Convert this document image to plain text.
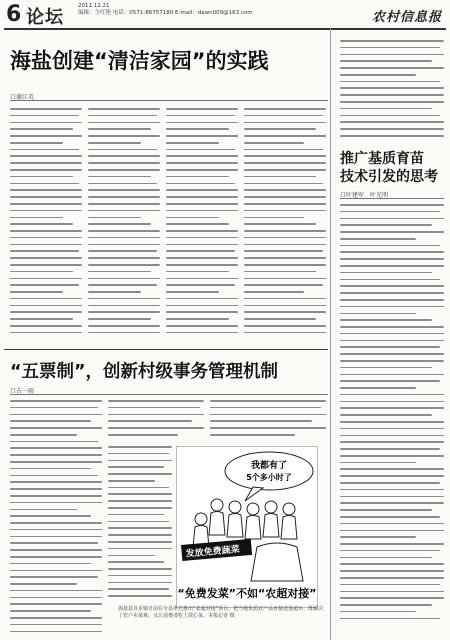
6 论坛
2011.12.21
编辑：仝红艳 电话：0571-86757180 E-mail：dawn009@163.com	农村信息报
海盐创建“清洁家园”的实践
口谢江英
“五票制”，创新村级事务管理机制
口占一雨
我都有了
5个多小时了
发放免费蔬菜
“免费发菜”不如“农超对接”
海盐县百步镇日前在全县率先推出“农超对接”项目，把当地优质农产品直接送进超市，既解决了农户卖菜难，又让消费者吃上放心菜。本报记者 摄
推广基质育苗
技术引发的思考
口叶建军　叶光明
